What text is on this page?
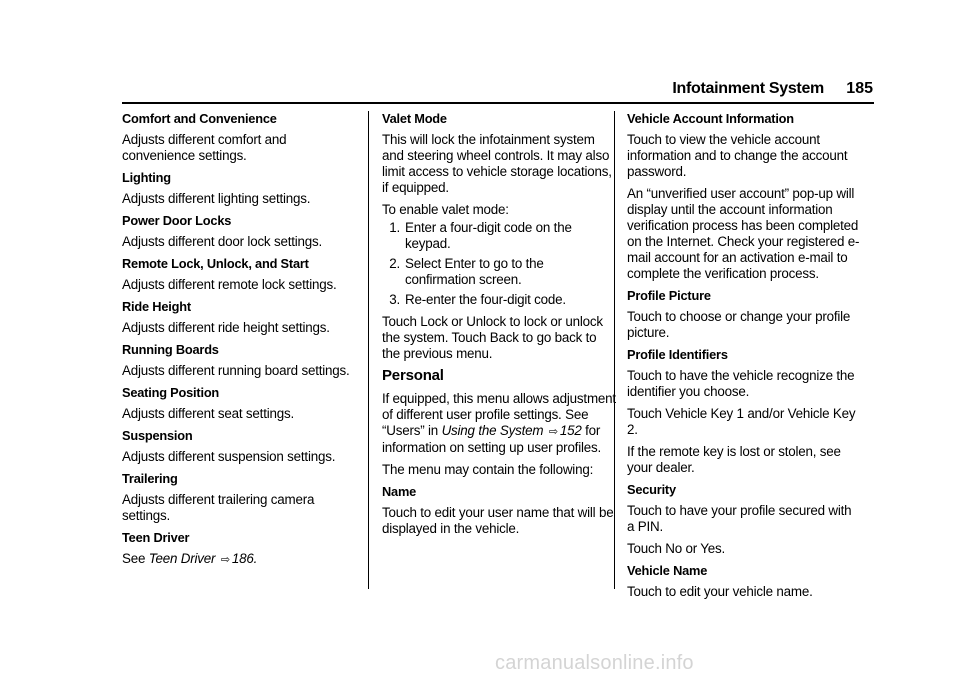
Infotainment System 185
Comfort and Convenience
Adjusts different comfort and convenience settings.
Lighting
Adjusts different lighting settings.
Power Door Locks
Adjusts different door lock settings.
Remote Lock, Unlock, and Start
Adjusts different remote lock settings.
Ride Height
Adjusts different ride height settings.
Running Boards
Adjusts different running board settings.
Seating Position
Adjusts different seat settings.
Suspension
Adjusts different suspension settings.
Trailering
Adjusts different trailering camera settings.
Teen Driver
See Teen Driver ⇨ 186.
Valet Mode
This will lock the infotainment system and steering wheel controls. It may also limit access to vehicle storage locations, if equipped.
To enable valet mode:
1. Enter a four-digit code on the keypad.
2. Select Enter to go to the confirmation screen.
3. Re-enter the four-digit code.
Touch Lock or Unlock to lock or unlock the system. Touch Back to go back to the previous menu.
Personal
If equipped, this menu allows adjustment of different user profile settings. See “Users” in Using the System ⇨ 152 for information on setting up user profiles.
The menu may contain the following:
Name
Touch to edit your user name that will be displayed in the vehicle.
Vehicle Account Information
Touch to view the vehicle account information and to change the account password.
An “unverified user account” pop-up will display until the account information verification process has been completed on the Internet. Check your registered e-mail account for an activation e-mail to complete the verification process.
Profile Picture
Touch to choose or change your profile picture.
Profile Identifiers
Touch to have the vehicle recognize the identifier you choose.
Touch Vehicle Key 1 and/or Vehicle Key 2.
If the remote key is lost or stolen, see your dealer.
Security
Touch to have your profile secured with a PIN.
Touch No or Yes.
Vehicle Name
Touch to edit your vehicle name.
carmanualsonline.info
